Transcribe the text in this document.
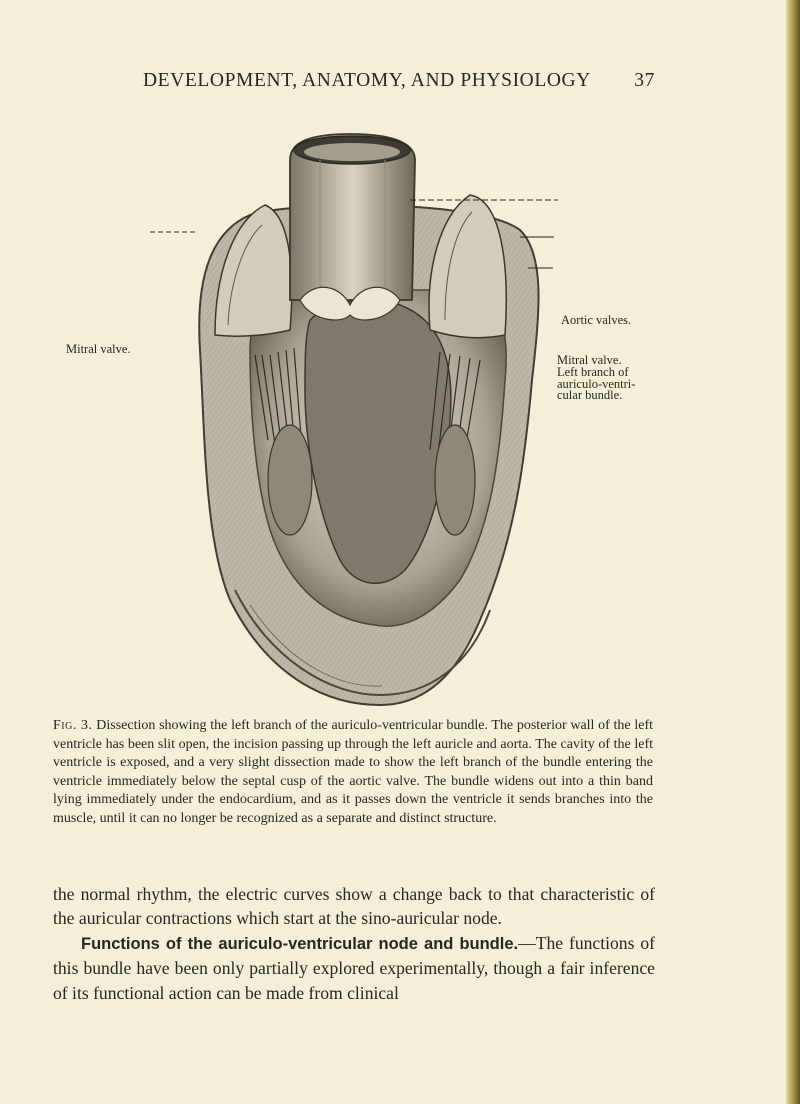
DEVELOPMENT, ANATOMY, AND PHYSIOLOGY 37
Mitral valve.
Aortic valves.
Mitral valve.
Left branch of
auriculo-ventri-
cular bundle.
Fig. 3. Dissection showing the left branch of the auriculo-ventricular bundle. The posterior wall of the left ventricle has been slit open, the incision passing up through the left auricle and aorta. The cavity of the left ventricle is exposed, and a very slight dissection made to show the left branch of the bundle entering the ventricle immediately below the septal cusp of the aortic valve. The bundle widens out into a thin band lying immediately under the endocardium, and as it passes down the ventricle it sends branches into the muscle, until it can no longer be recognized as a separate and distinct structure.

the normal rhythm, the electric curves show a change back to that characteristic of the auricular contractions which start at the sino-auricular node.

Functions of the auriculo-ventricular node and bundle.—The functions of this bundle have been only partially explored experimentally, though a fair inference of its functional action can be made from clinical
